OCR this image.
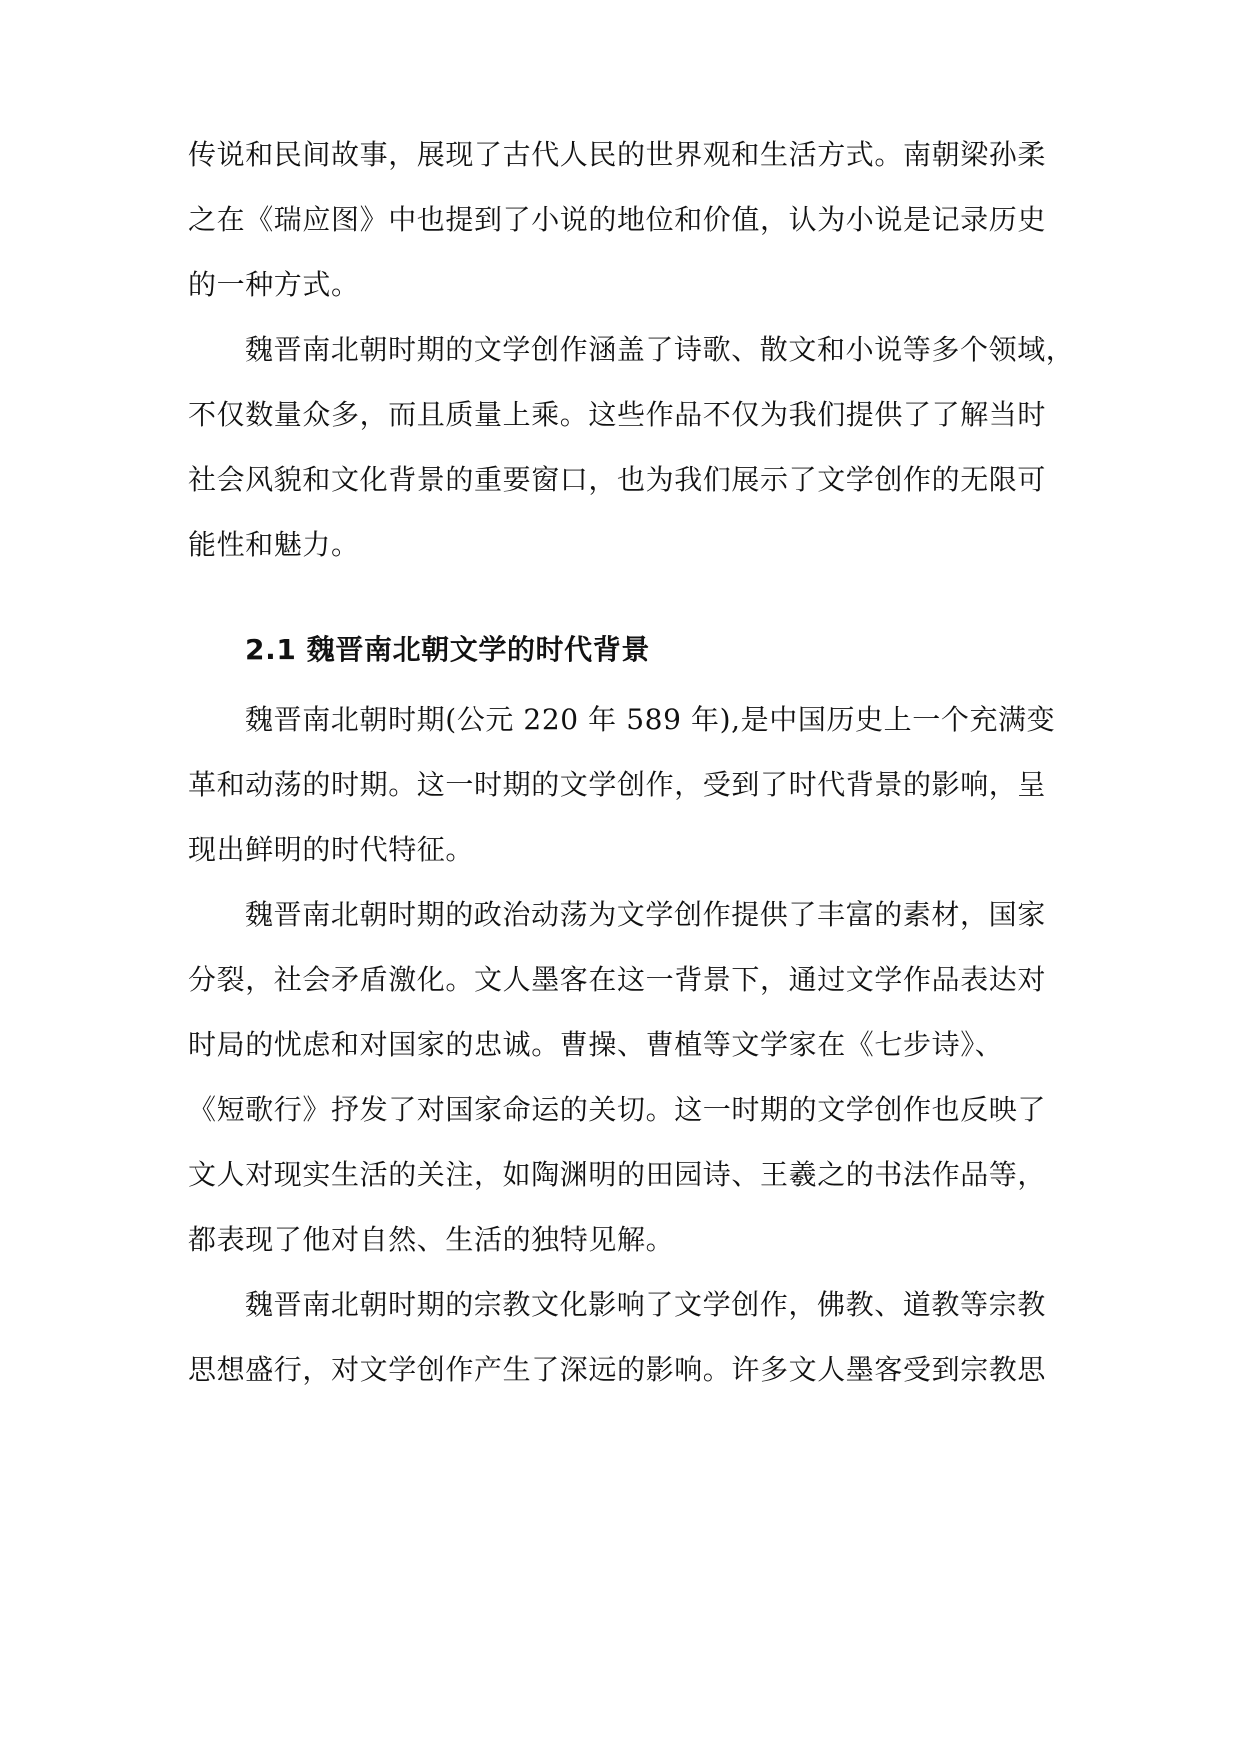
传说和民间故事，展现了古代人民的世界观和生活方式。南朝梁孙柔
之在《瑞应图》中也提到了小说的地位和价值，认为小说是记录历史
的一种方式。
魏晋南北朝时期的文学创作涵盖了诗歌、散文和小说等多个领域，
不仅数量众多，而且质量上乘。这些作品不仅为我们提供了了解当时
社会风貌和文化背景的重要窗口，也为我们展示了文学创作的无限可
能性和魅力。
2.1 魏晋南北朝文学的时代背景
魏晋南北朝时期(公元 220 年 589 年),是中国历史上一个充满变
革和动荡的时期。这一时期的文学创作，受到了时代背景的影响，呈
现出鲜明的时代特征。
魏晋南北朝时期的政治动荡为文学创作提供了丰富的素材，国家
分裂，社会矛盾激化。文人墨客在这一背景下，通过文学作品表达对
时局的忧虑和对国家的忠诚。曹操、曹植等文学家在《七步诗》、
《短歌行》抒发了对国家命运的关切。这一时期的文学创作也反映了
文人对现实生活的关注，如陶渊明的田园诗、王羲之的书法作品等，
都表现了他对自然、生活的独特见解。
魏晋南北朝时期的宗教文化影响了文学创作，佛教、道教等宗教
思想盛行，对文学创作产生了深远的影响。许多文人墨客受到宗教思
